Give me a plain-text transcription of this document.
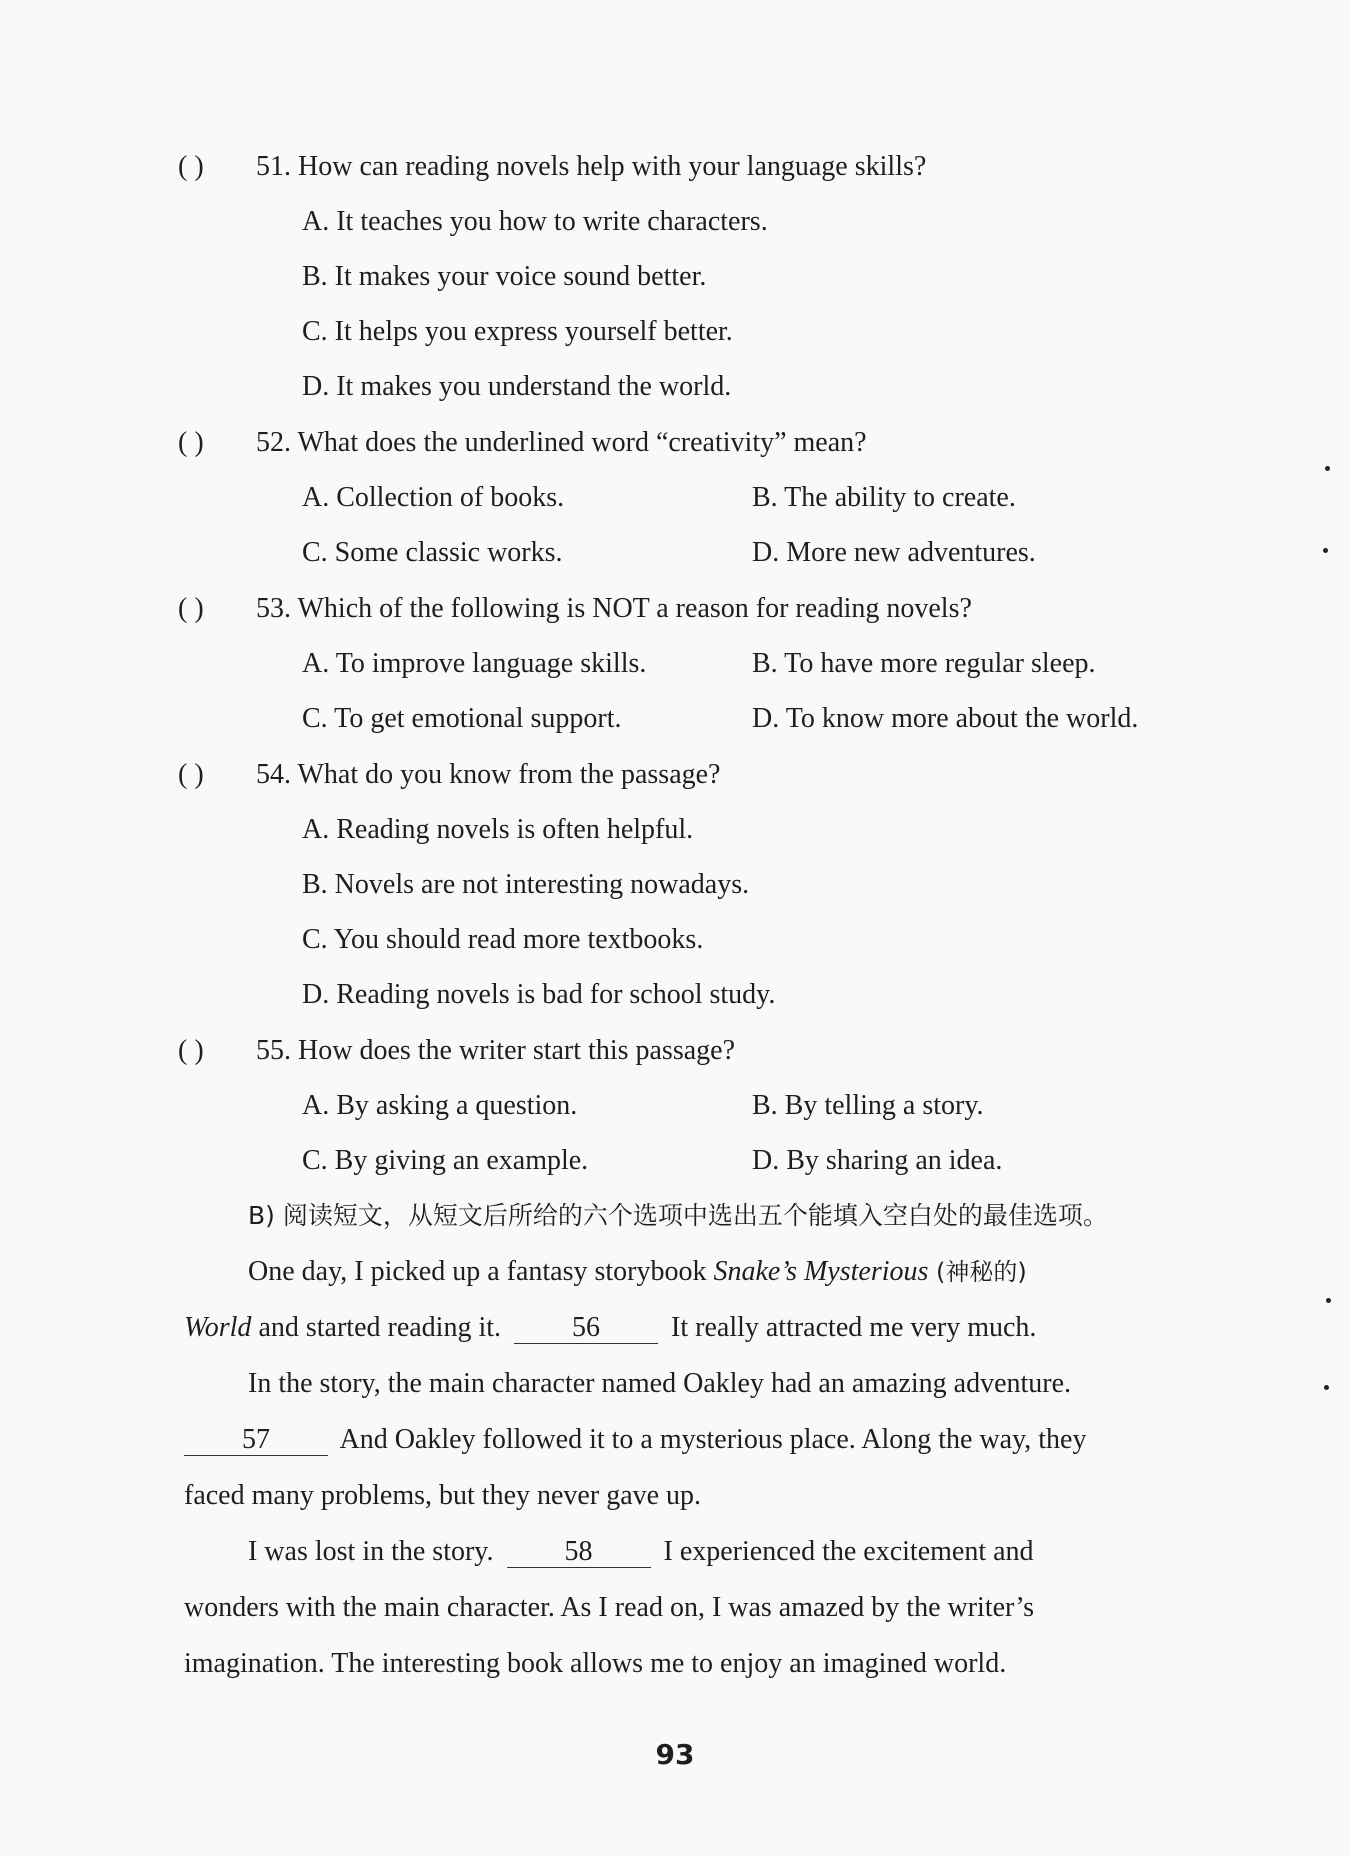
( ) 51. How can reading novels help with your language skills?
A. It teaches you how to write characters.
B. It makes your voice sound better.
C. It helps you express yourself better.
D. It makes you understand the world.
( ) 52. What does the underlined word “creativity” mean?
A. Collection of books.	B. The ability to create.
C. Some classic works.	D. More new adventures.
( ) 53. Which of the following is NOT a reason for reading novels?
A. To improve language skills.	B. To have more regular sleep.
C. To get emotional support.	D. To know more about the world.
( ) 54. What do you know from the passage?
A. Reading novels is often helpful.
B. Novels are not interesting nowadays.
C. You should read more textbooks.
D. Reading novels is bad for school study.
( ) 55. How does the writer start this passage?
A. By asking a question.	B. By telling a story.
C. By giving an example.	D. By sharing an idea.
B) 阅读短文，从短文后所给的六个选项中选出五个能填入空白处的最佳选项。
One day, I picked up a fantasy storybook Snake’s Mysterious (神秘的)
World and started reading it.	56	It really attracted me very much.
In the story, the main character named Oakley had an amazing adventure.
57 And Oakley followed it to a mysterious place. Along the way, they
faced many problems, but they never gave up.
I was lost in the story.	58	I experienced the excitement and
wonders with the main character. As I read on, I was amazed by the writer’s
imagination. The interesting book allows me to enjoy an imagined world.
93
